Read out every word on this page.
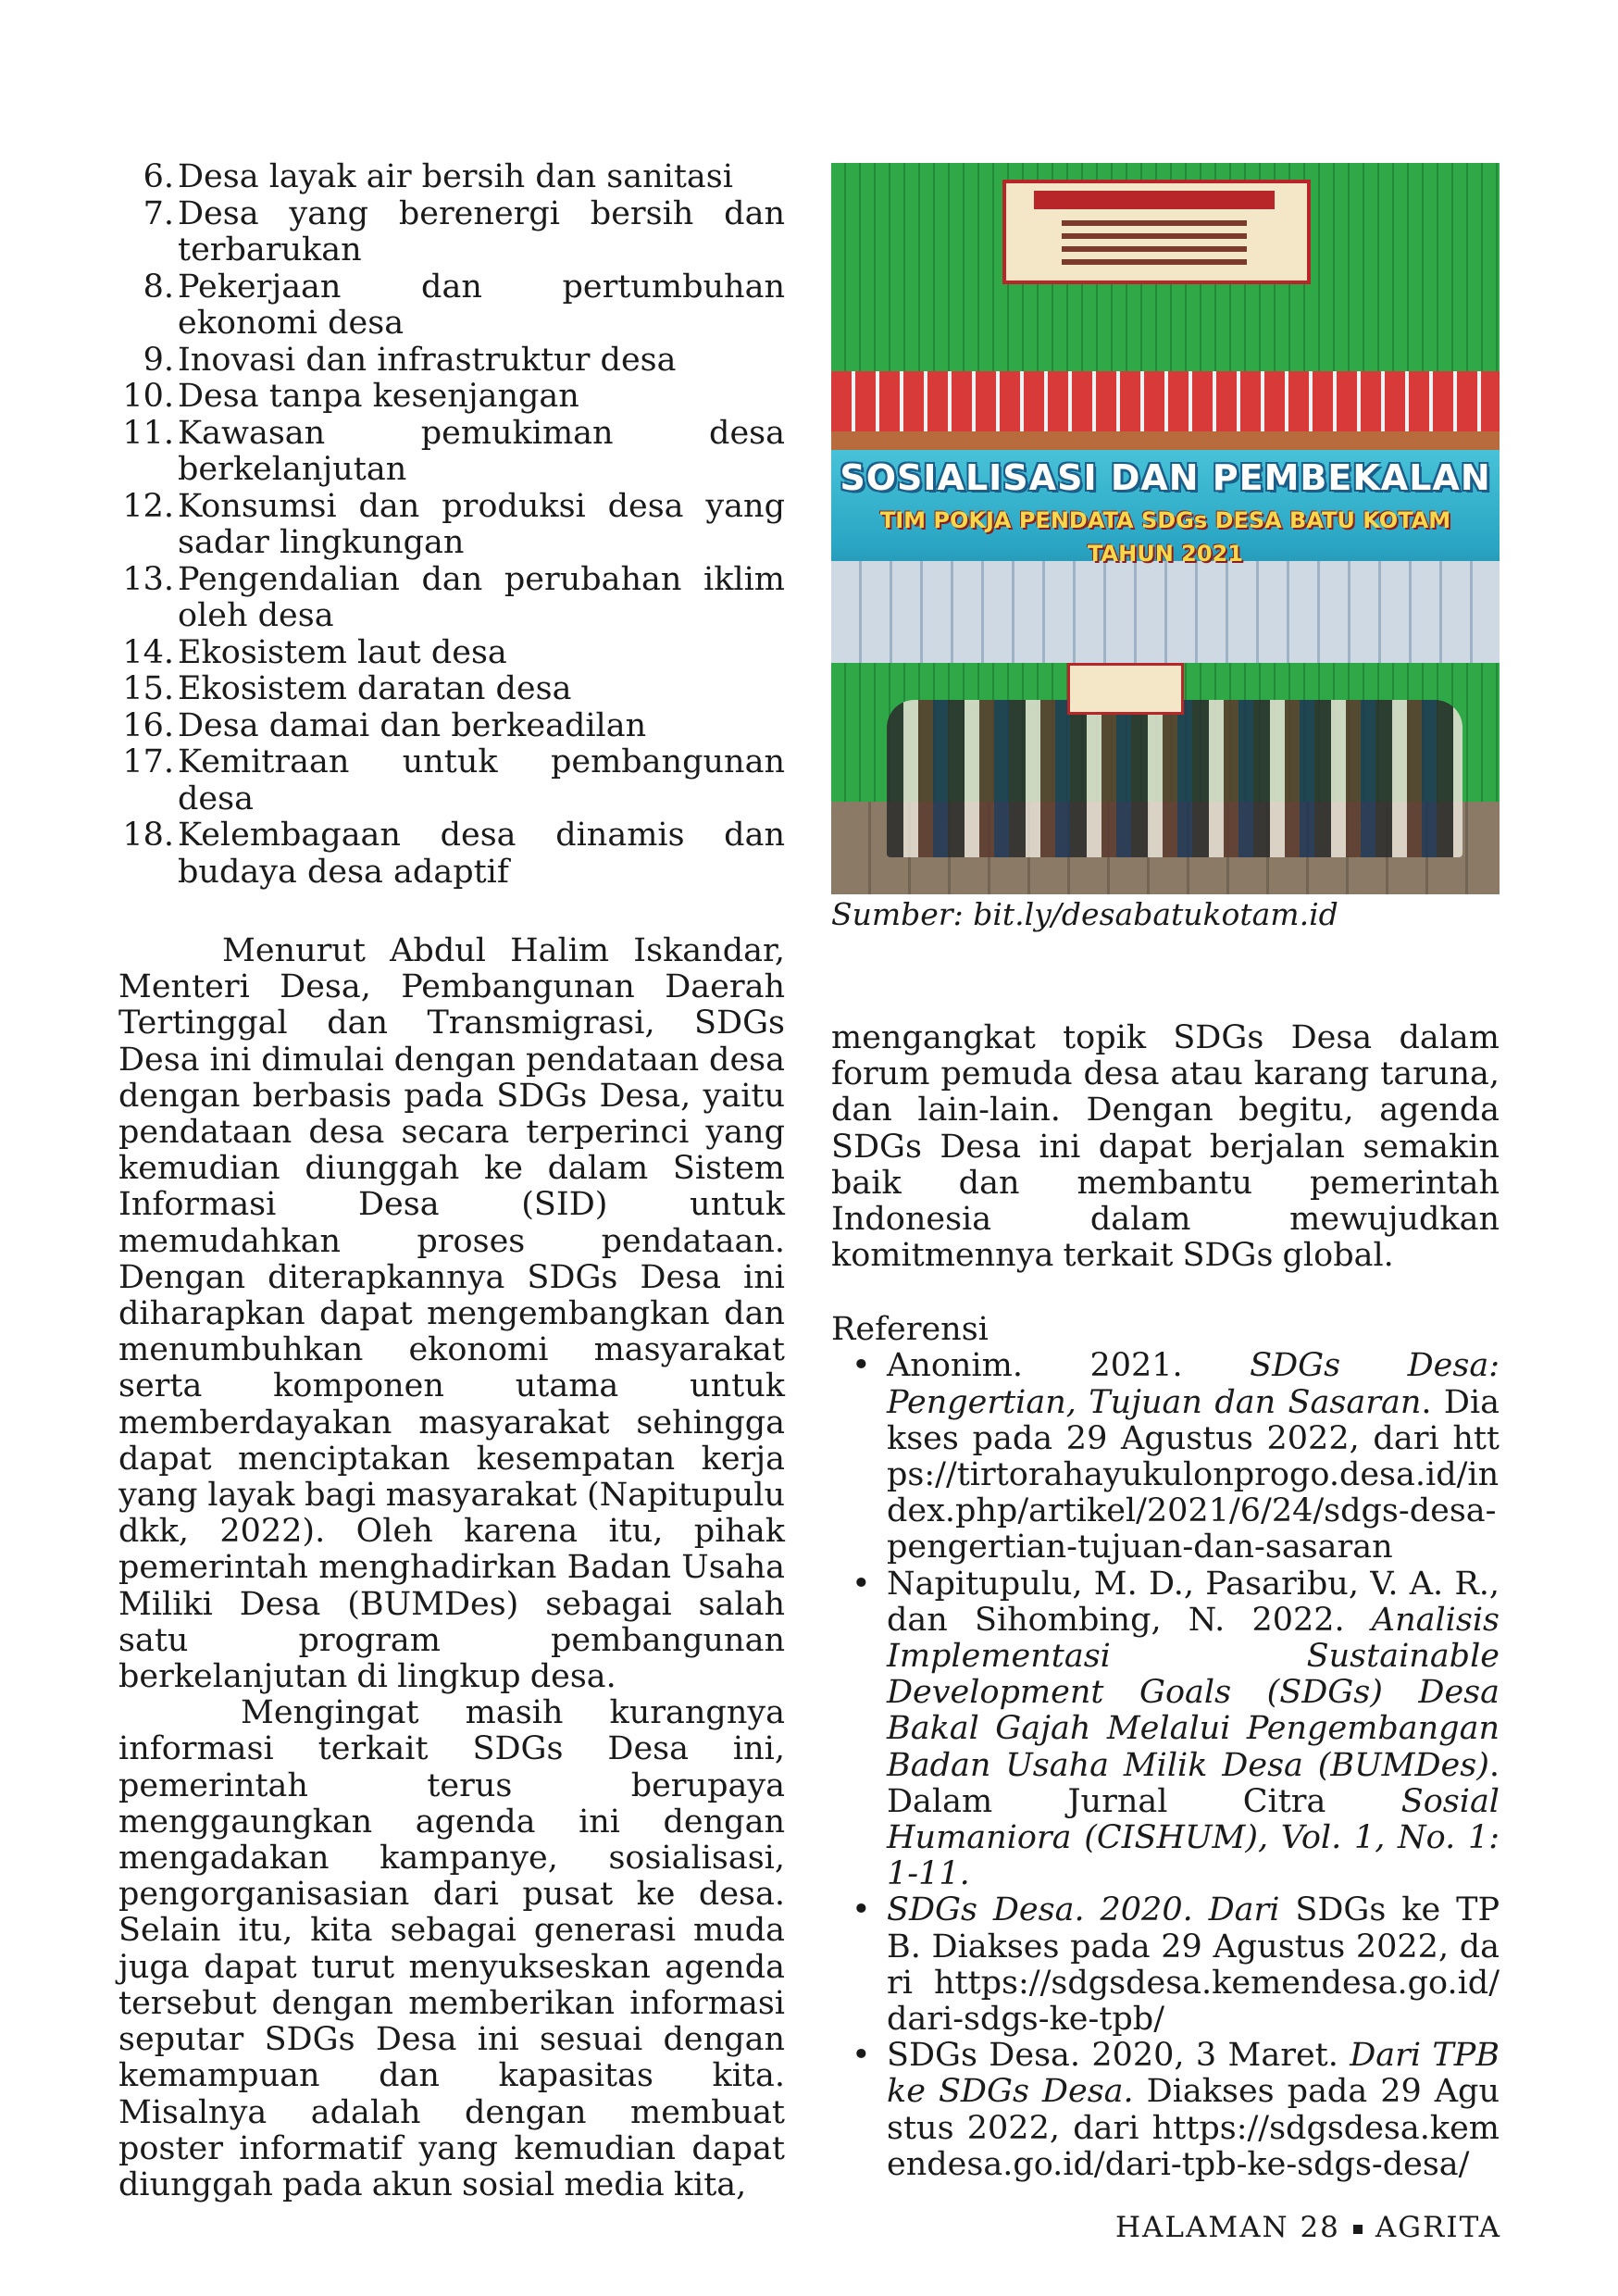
6. Desa layak air bersih dan sanitasi
7. Desa yang berenergi bersih dan terbarukan
8. Pekerjaan dan pertumbuhan ekonomi desa
9. Inovasi dan infrastruktur desa
10. Desa tanpa kesenjangan
11. Kawasan pemukiman desa berkelanjutan
12. Konsumsi dan produksi desa yang sadar lingkungan
13. Pengendalian dan perubahan iklim oleh desa
14. Ekosistem laut desa
15. Ekosistem daratan desa
16. Desa damai dan berkeadilan
17. Kemitraan untuk pembangunan desa
18. Kelembagaan desa dinamis dan budaya desa adaptif

Menurut Abdul Halim Iskandar, Menteri Desa, Pembangunan Daerah Tertinggal dan Transmigrasi, SDGs Desa ini dimulai dengan pendataan desa dengan berbasis pada SDGs Desa, yaitu pendataan desa secara terperinci yang kemudian diunggah ke dalam Sistem Informasi Desa (SID) untuk memudahkan proses pendataan. Dengan diterapkannya SDGs Desa ini diharapkan dapat mengembangkan dan menumbuhkan ekonomi masyarakat serta komponen utama untuk memberdayakan masyarakat sehingga dapat menciptakan kesempatan kerja yang layak bagi masyarakat (Napitupulu dkk, 2022). Oleh karena itu, pihak pemerintah menghadirkan Badan Usaha Miliki Desa (BUMDes) sebagai salah satu program pembangunan berkelanjutan di lingkup desa.

Mengingat masih kurangnya informasi terkait SDGs Desa ini, pemerintah terus berupaya menggaungkan agenda ini dengan mengadakan kampanye, sosialisasi, pengorganisasian dari pusat ke desa. Selain itu, kita sebagai generasi muda juga dapat turut menyukseskan agenda tersebut dengan memberikan informasi seputar SDGs Desa ini sesuai dengan kemampuan dan kapasitas kita. Misalnya adalah dengan membuat poster informatif yang kemudian dapat diunggah pada akun sosial media kita,

SOSIALISASI DAN PEMBEKALAN
TIM POKJA PENDATA SDGs DESA BATU KOTAM
TAHUN 2021
Sumber: bit.ly/desabatukotam.id

mengangkat topik SDGs Desa dalam forum pemuda desa atau karang taruna, dan lain-lain. Dengan begitu, agenda SDGs Desa ini dapat berjalan semakin baik dan membantu pemerintah Indonesia dalam mewujudkan komitmennya terkait SDGs global.

Referensi

• Anonim. 2021. SDGs Desa: Pengertian, Tujuan dan Sasaran. Diakses pada 29 Agustus 2022, dari https://tirtorahayukulonprogo.desa.id/index.php/artikel/2021/6/24/sdgs-desa-pengertian-tujuan-dan-sasaran
• Napitupulu, M. D., Pasaribu, V. A. R., dan Sihombing, N. 2022. Analisis Implementasi Sustainable Development Goals (SDGs) Desa Bakal Gajah Melalui Pengembangan Badan Usaha Milik Desa (BUMDes). Dalam Jurnal Citra Sosial Humaniora (CISHUM), Vol. 1, No. 1: 1-11.
• SDGs Desa. 2020. Dari SDGs ke TPB. Diakses pada 29 Agustus 2022, dari https://sdgsdesa.kemendesa.go.id/dari-sdgs-ke-tpb/
• SDGs Desa. 2020, 3 Maret. Dari TPB ke SDGs Desa. Diakses pada 29 Agustus 2022, dari https://sdgsdesa.kemendesa.go.id/dari-tpb-ke-sdgs-desa/
HALAMAN 28 AGRITA
